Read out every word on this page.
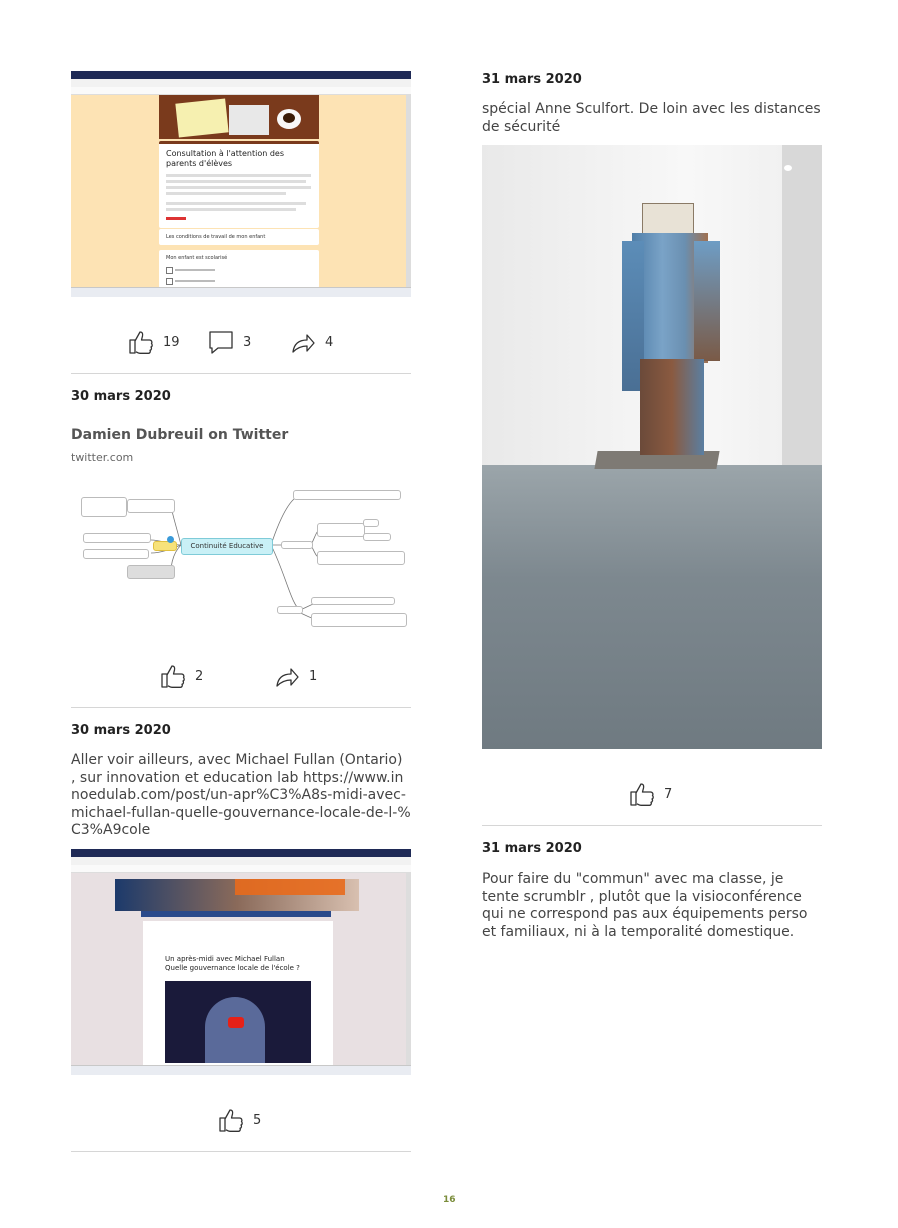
Consultation à l'attention des parents d'élèves
Les conditions de travail de mon enfant
Mon enfant est scolarisé
19	3	4
30 mars 2020
Damien Dubreuil on Twitter
twitter.com
Continuité Educative
2	1
30 mars 2020
Aller voir ailleurs, avec Michael Fullan (Ontario) , sur innovation et education lab https://www.innoedulab.com/post/un-apr%C3%A8s-midi-avec-michael-fullan-quelle-gouvernance-locale-de-l-%C3%A9cole
Un après-midi avec Michael Fullan Quelle gouvernance locale de l'école ?
5
31 mars 2020
spécial Anne Sculfort. De loin avec les distances de sécurité
7
31 mars 2020
Pour faire du "commun" avec ma classe, je tente scrumblr , plutôt que la visioconférence qui ne correspond pas aux équipements perso et familiaux, ni à la temporalité domestique.
16
